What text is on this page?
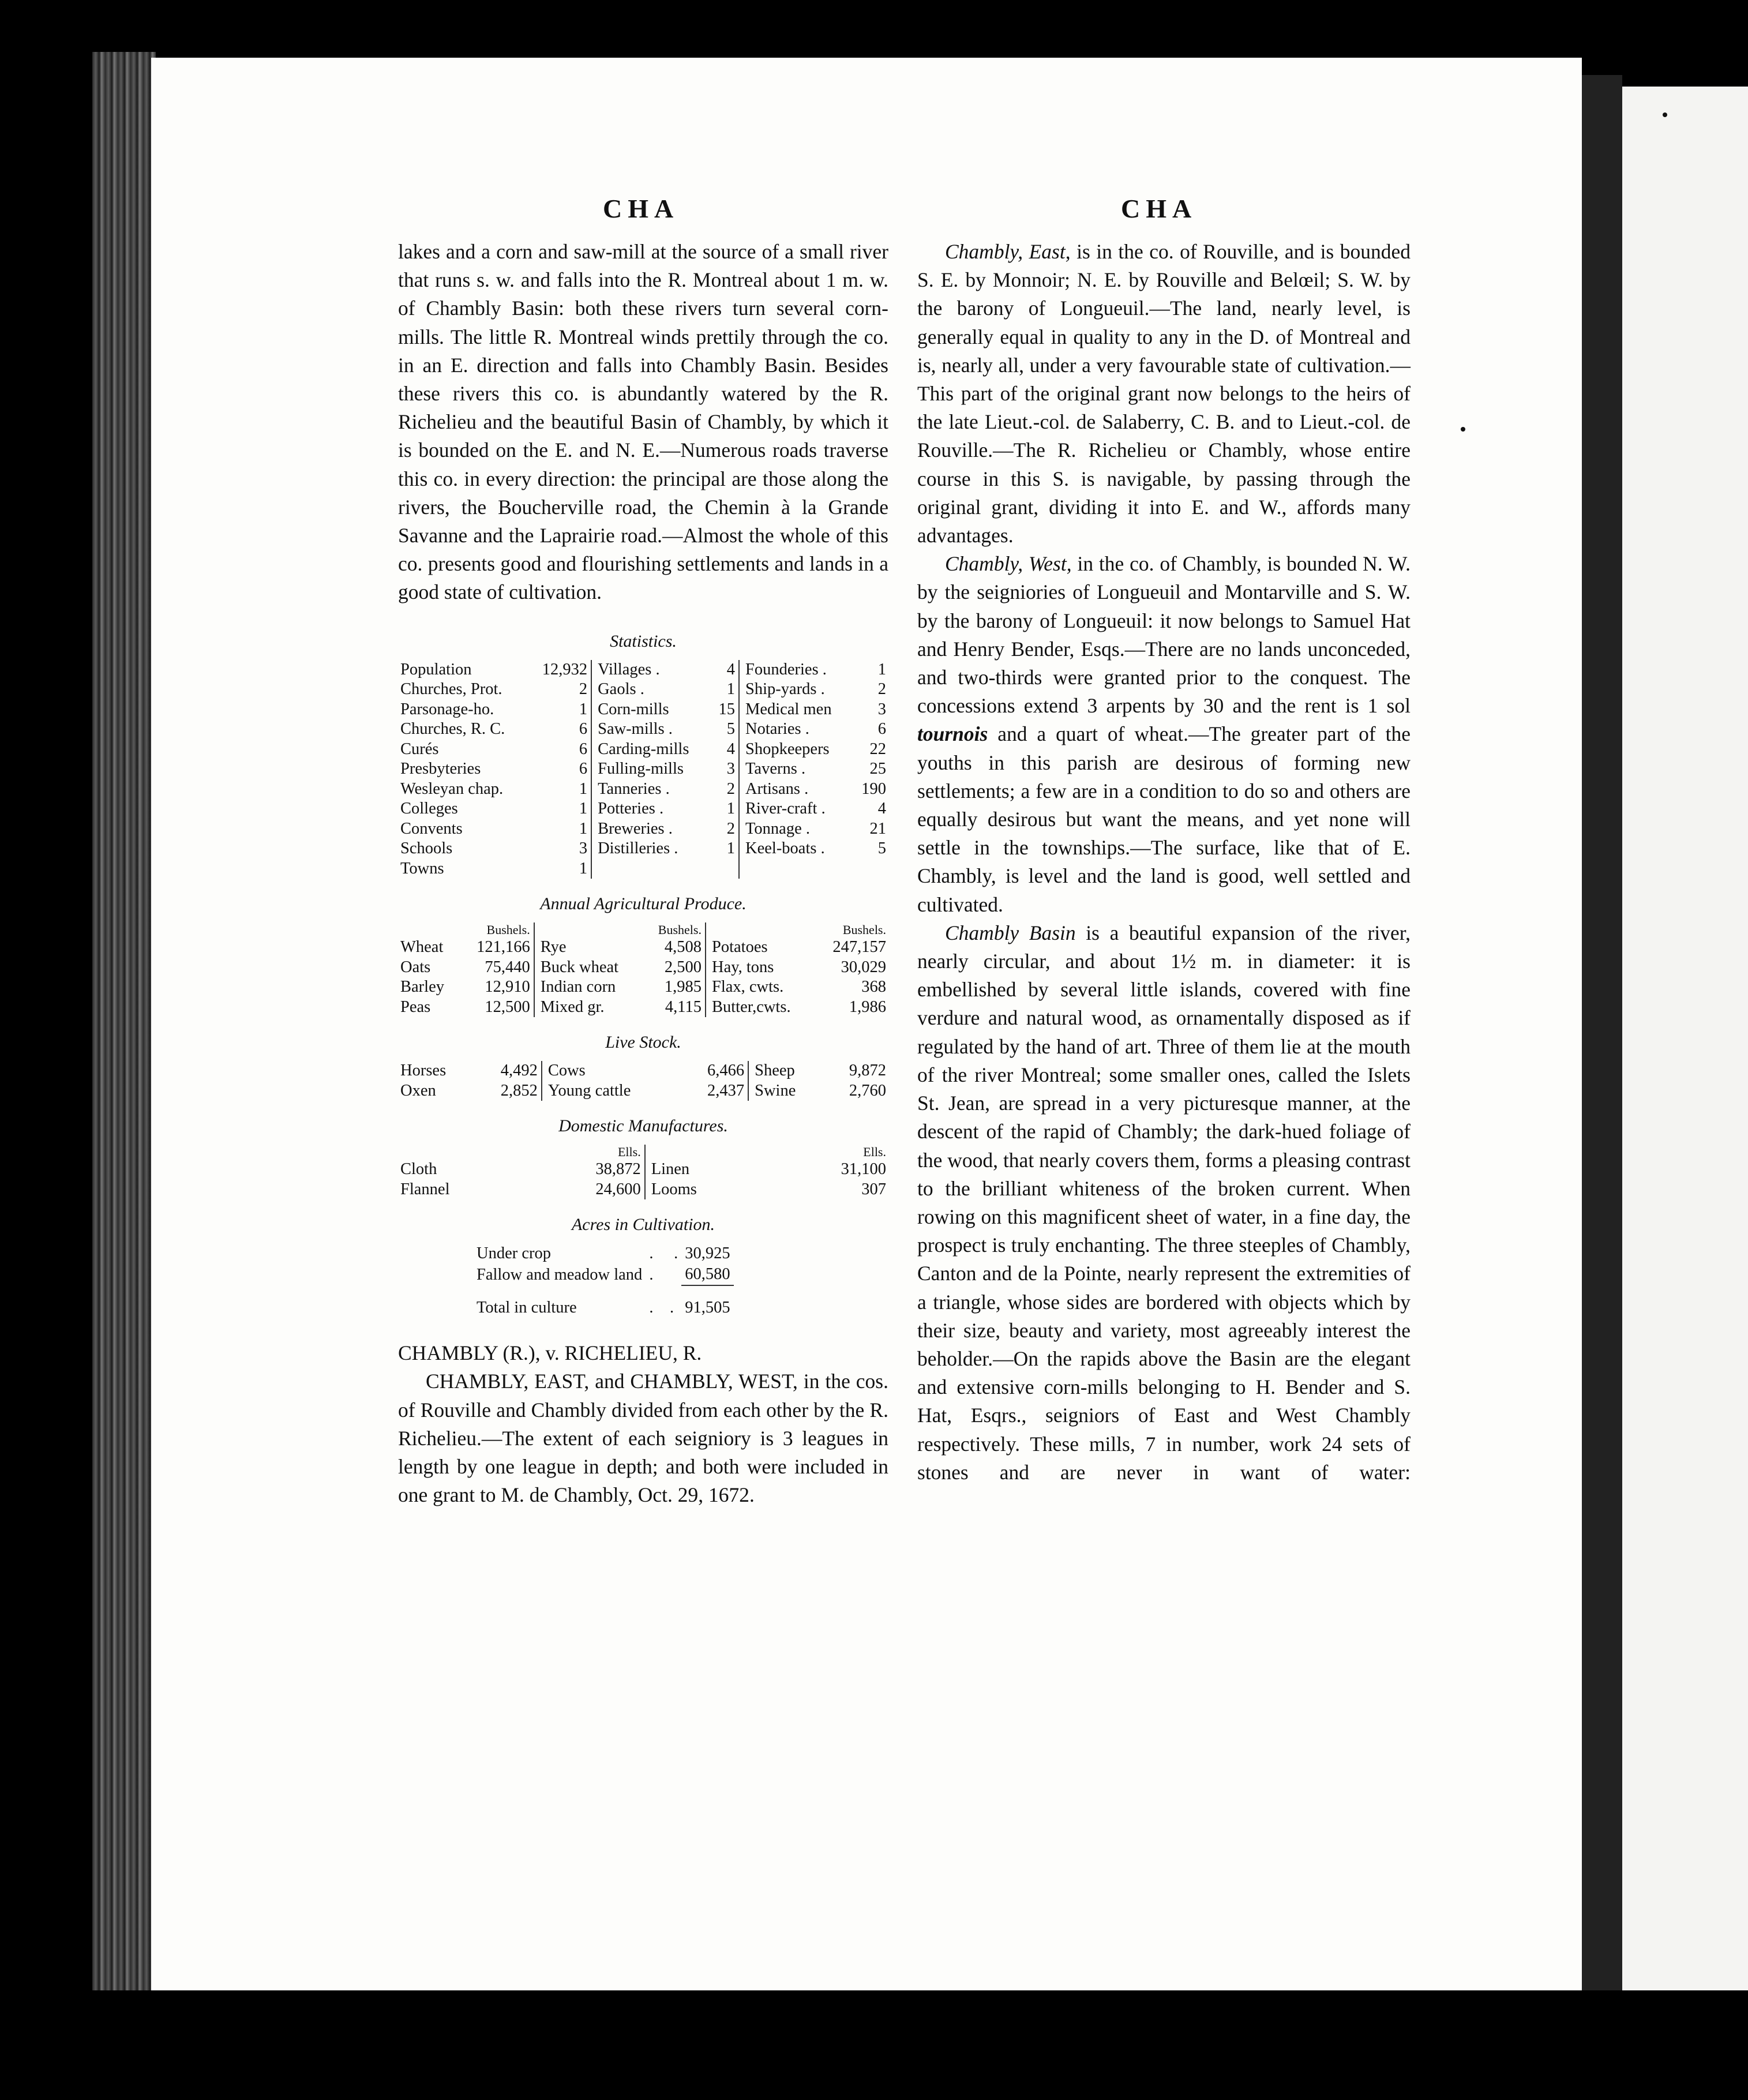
CHA	CHA

lakes and a corn and saw-mill at the source of a small river that runs s. w. and falls into the R. Montreal about 1 m. w. of Chambly Basin: both these rivers turn several corn-mills. The little R. Montreal winds prettily through the co. in an E. direction and falls into Chambly Basin. Besides these rivers this co. is abundantly watered by the R. Richelieu and the beautiful Basin of Chambly, by which it is bounded on the E. and N. E.—Numerous roads traverse this co. in every direction: the principal are those along the rivers, the Boucherville road, the Chemin à la Grande Savanne and the Laprairie road.—Almost the whole of this co. presents good and flourishing settlements and lands in a good state of cultivation.

Statistics.
Population	12,932	Villages .	4	Founderies .	1
Churches, Prot.	2	Gaols .	1	Ship-yards .	2
Parsonage-ho.	1	Corn-mills	15	Medical men	3
Churches, R. C.	6	Saw-mills .	5	Notaries .	6
Curés	6	Carding-mills	4	Shopkeepers	22
Presbyteries	6	Fulling-mills	3	Taverns .	25
Wesleyan chap.	1	Tanneries .	2	Artisans .	190
Colleges	1	Potteries .	1	River-craft .	4
Convents	1	Breweries .	2	Tonnage .	21
Schools	3	Distilleries .	1	Keel-boats .	5
Towns	1				
Annual Agricultural Produce.
	Bushels.		Bushels.		Bushels.
Wheat	121,166	Rye	4,508	Potatoes	247,157
Oats	75,440	Buck wheat	2,500	Hay, tons	30,029
Barley	12,910	Indian corn	1,985	Flax, cwts.	368
Peas	12,500	Mixed gr.	4,115	Butter,cwts.	1,986
Live Stock.
Horses	4,492	Cows	6,466	Sheep	9,872
Oxen	2,852	Young cattle	2,437	Swine	2,760
Domestic Manufactures.
	Ells.		Ells.
Cloth	38,872	Linen	31,100
Flannel	24,600	Looms	307
Acres in Cultivation.
Under crop	.     .	30,925
Fallow and meadow land	.	60,580
Total in culture	.    .	91,505

CHAMBLY (R.), v. RICHELIEU, R.

CHAMBLY, EAST, and CHAMBLY, WEST, in the cos. of Rouville and Chambly divided from each other by the R. Richelieu.—The extent of each seigniory is 3 leagues in length by one league in depth; and both were included in one grant to M. de Chambly, Oct. 29, 1672.

Chambly, East, is in the co. of Rouville, and is bounded S. E. by Monnoir; N. E. by Rouville and Belœil; S. W. by the barony of Longueuil.—The land, nearly level, is generally equal in quality to any in the D. of Montreal and is, nearly all, under a very favourable state of cultivation.—This part of the original grant now belongs to the heirs of the late Lieut.-col. de Salaberry, C. B. and to Lieut.-col. de Rouville.—The R. Richelieu or Chambly, whose entire course in this S. is navigable, by passing through the original grant, dividing it into E. and W., affords many advantages.

Chambly, West, in the co. of Chambly, is bounded N. W. by the seigniories of Longueuil and Montarville and S. W. by the barony of Longueuil: it now belongs to Samuel Hat and Henry Bender, Esqs.—There are no lands unconceded, and two-thirds were granted prior to the conquest. The concessions extend 3 arpents by 30 and the rent is 1 sol tournois and a quart of wheat.—The greater part of the youths in this parish are desirous of forming new settlements; a few are in a condition to do so and others are equally desirous but want the means, and yet none will settle in the townships.—The surface, like that of E. Chambly, is level and the land is good, well settled and cultivated.

Chambly Basin is a beautiful expansion of the river, nearly circular, and about 1½ m. in diameter: it is embellished by several little islands, covered with fine verdure and natural wood, as ornamentally disposed as if regulated by the hand of art. Three of them lie at the mouth of the river Montreal; some smaller ones, called the Islets St. Jean, are spread in a very picturesque manner, at the descent of the rapid of Chambly; the dark-hued foliage of the wood, that nearly covers them, forms a pleasing contrast to the brilliant whiteness of the broken current. When rowing on this magnificent sheet of water, in a fine day, the prospect is truly enchanting. The three steeples of Chambly, Canton and de la Pointe, nearly represent the extremities of a triangle, whose sides are bordered with objects which by their size, beauty and variety, most agreeably interest the beholder.—On the rapids above the Basin are the elegant and extensive corn-mills belonging to H. Bender and S. Hat, Esqrs., seigniors of East and West Chambly respectively. These mills, 7 in number, work 24 sets of stones and are never in want of water:
